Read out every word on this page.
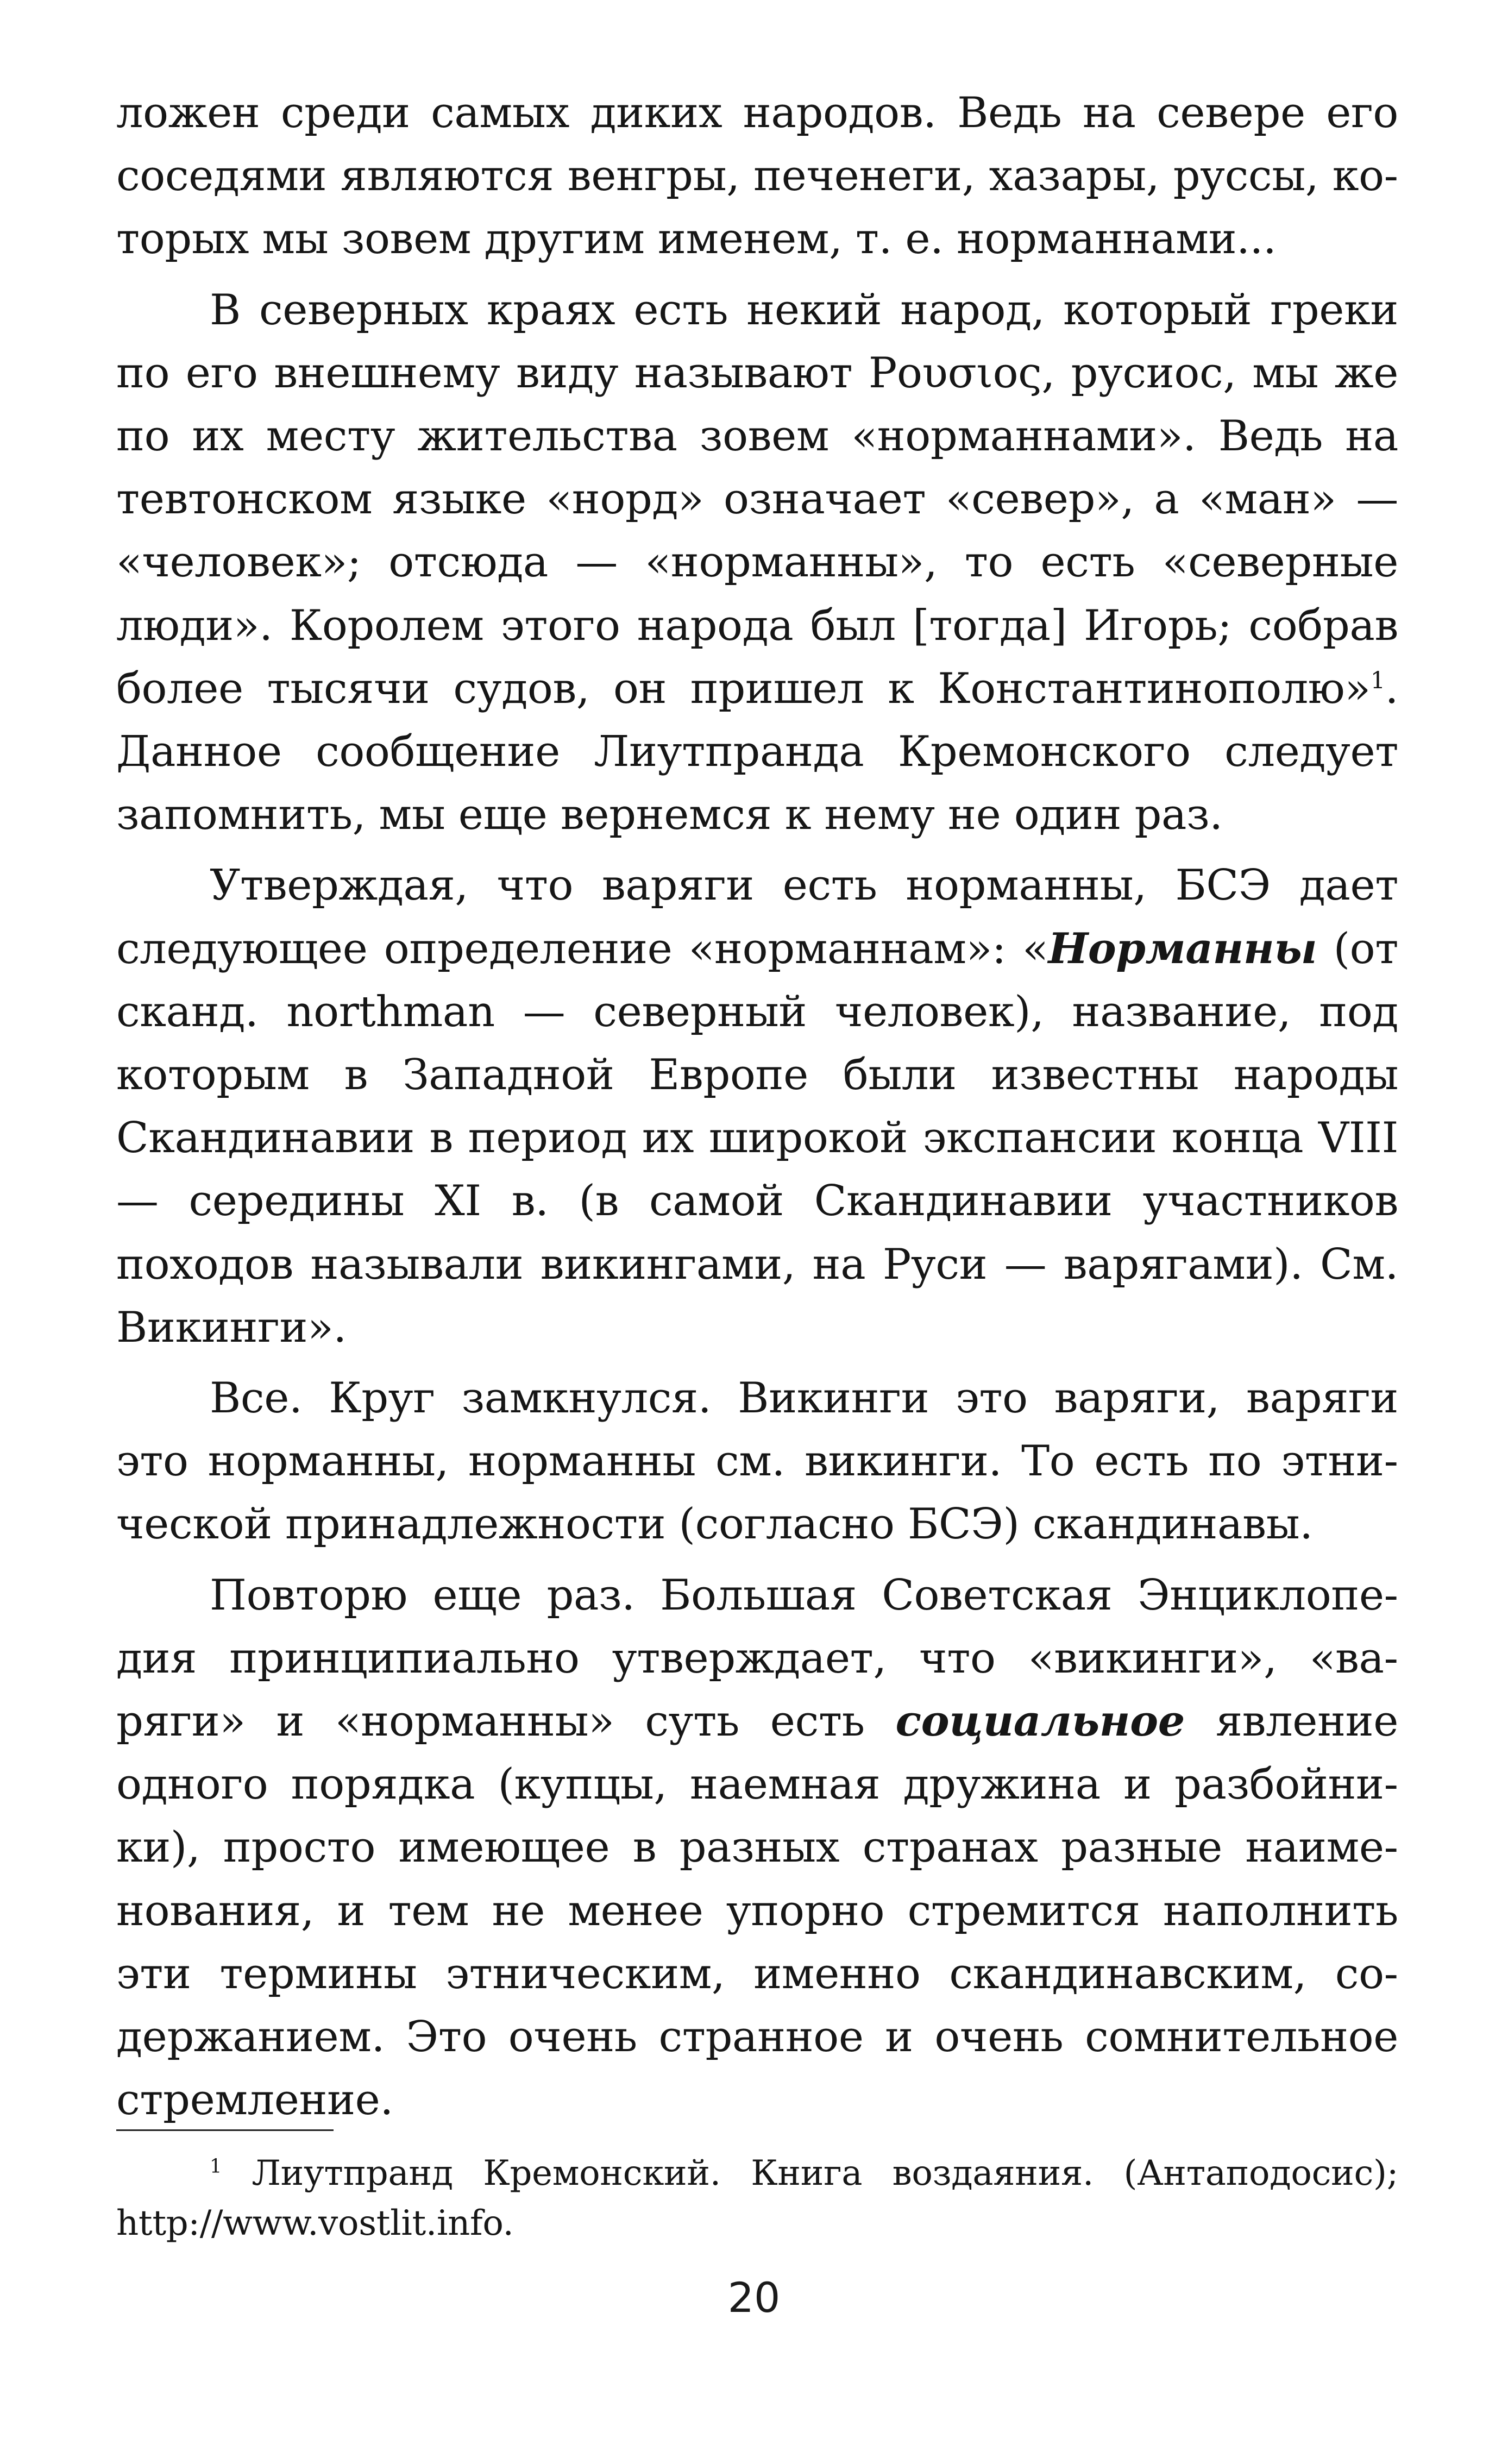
ложен среди самых диких народов. Ведь на севере его соседями являются венгры, печенеги, хазары, руссы, которых мы зовем другим именем, т. е. норманнами...

В северных краях есть некий народ, который греки по его внешнему виду называют Ρουσιος, русиос, мы же по их месту жительства зовем «норманнами». Ведь на тевтонском языке «норд» означает «север», а «ман» — «человек»; отсюда — «норманны», то есть «северные люди». Королем этого народа был [тогда] Игорь; собрав более тысячи судов, он пришел к Константинополю»$^1$. Данное сообщение Лиутпранда Кремонского следует запомнить, мы еще вернемся к нему не один раз.

Утверждая, что варяги есть норманны, БСЭ дает следующее определение «норманнам»: «Норманны (от сканд. northman — северный человек), название, под которым в Западной Европе были известны народы Скандинавии в период их широкой экспансии конца VIII — середины XI в. (в самой Скандинавии участников походов называли викингами, на Руси — варягами). См. Викинги».

Все. Круг замкнулся. Викинги это варяги, варяги это норманны, норманны см. викинги. То есть по этнической принадлежности (согласно БСЭ) скандинавы.

Повторю еще раз. Большая Советская Энциклопедия принципиально утверждает, что «викинги», «варяги» и «норманны» суть есть социальное явление одного порядка (купцы, наемная дружина и разбойники), просто имеющее в разных странах разные наименования, и тем не менее упорно стремится наполнить эти термины этническим, именно скандинавским, содержанием. Это очень странное и очень сомнительное стремление.

$^1$ Лиутпранд Кремонский. Книга воздаяния. (Антаподосис); http://www.vostlit.info.

20
